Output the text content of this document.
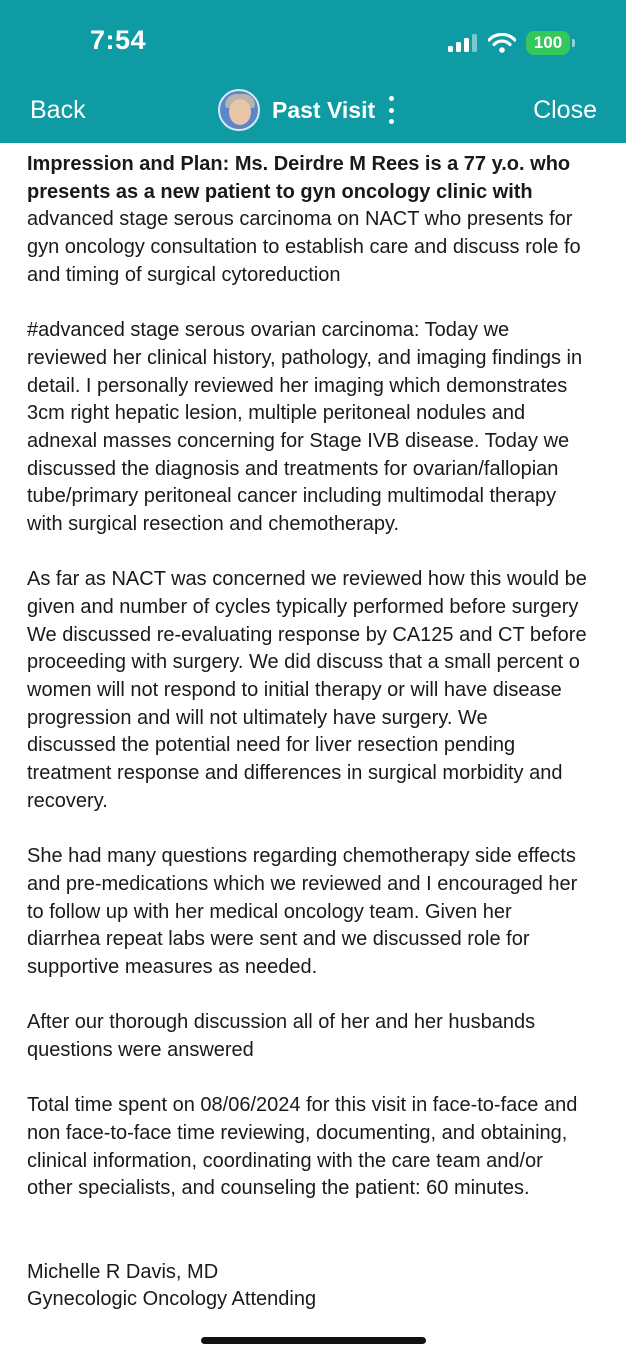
7:54	100
Back	Past Visit	Close
Impression and Plan: Ms. Deirdre M Rees is a 77 y.o. who
presents as a new patient to gyn oncology clinic with
advanced stage serous carcinoma on NACT who presents for
gyn oncology consultation to establish care and discuss role fo
and timing of surgical cytoreduction
#advanced stage serous ovarian carcinoma: Today we
reviewed her clinical history, pathology, and imaging findings in
detail. I personally reviewed her imaging which demonstrates
3cm right hepatic lesion, multiple peritoneal nodules and
adnexal masses concerning for Stage IVB disease. Today we
discussed the diagnosis and treatments for ovarian/fallopian
tube/primary peritoneal cancer including multimodal therapy
with surgical resection and chemotherapy.
As far as NACT was concerned we reviewed how this would be
given and number of cycles typically performed before surgery
We discussed re-evaluating response by CA125 and CT before
proceeding with surgery. We did discuss that a small percent o
women will not respond to initial therapy or will have disease
progression and will not ultimately have surgery. We
discussed the potential need for liver resection pending
treatment response and differences in surgical morbidity and
recovery.
She had many questions regarding chemotherapy side effects
and pre-medications which we reviewed and I encouraged her
to follow up with her medical oncology team. Given her
diarrhea repeat labs were sent and we discussed role for
supportive measures as needed.
After our thorough discussion all of her and her husbands
questions were answered
Total time spent on 08/06/2024 for this visit in face-to-face and
non face-to-face time reviewing, documenting, and obtaining,
clinical information, coordinating with the care team and/or
other specialists, and counseling the patient: 60 minutes.
Michelle R Davis, MD
Gynecologic Oncology Attending
